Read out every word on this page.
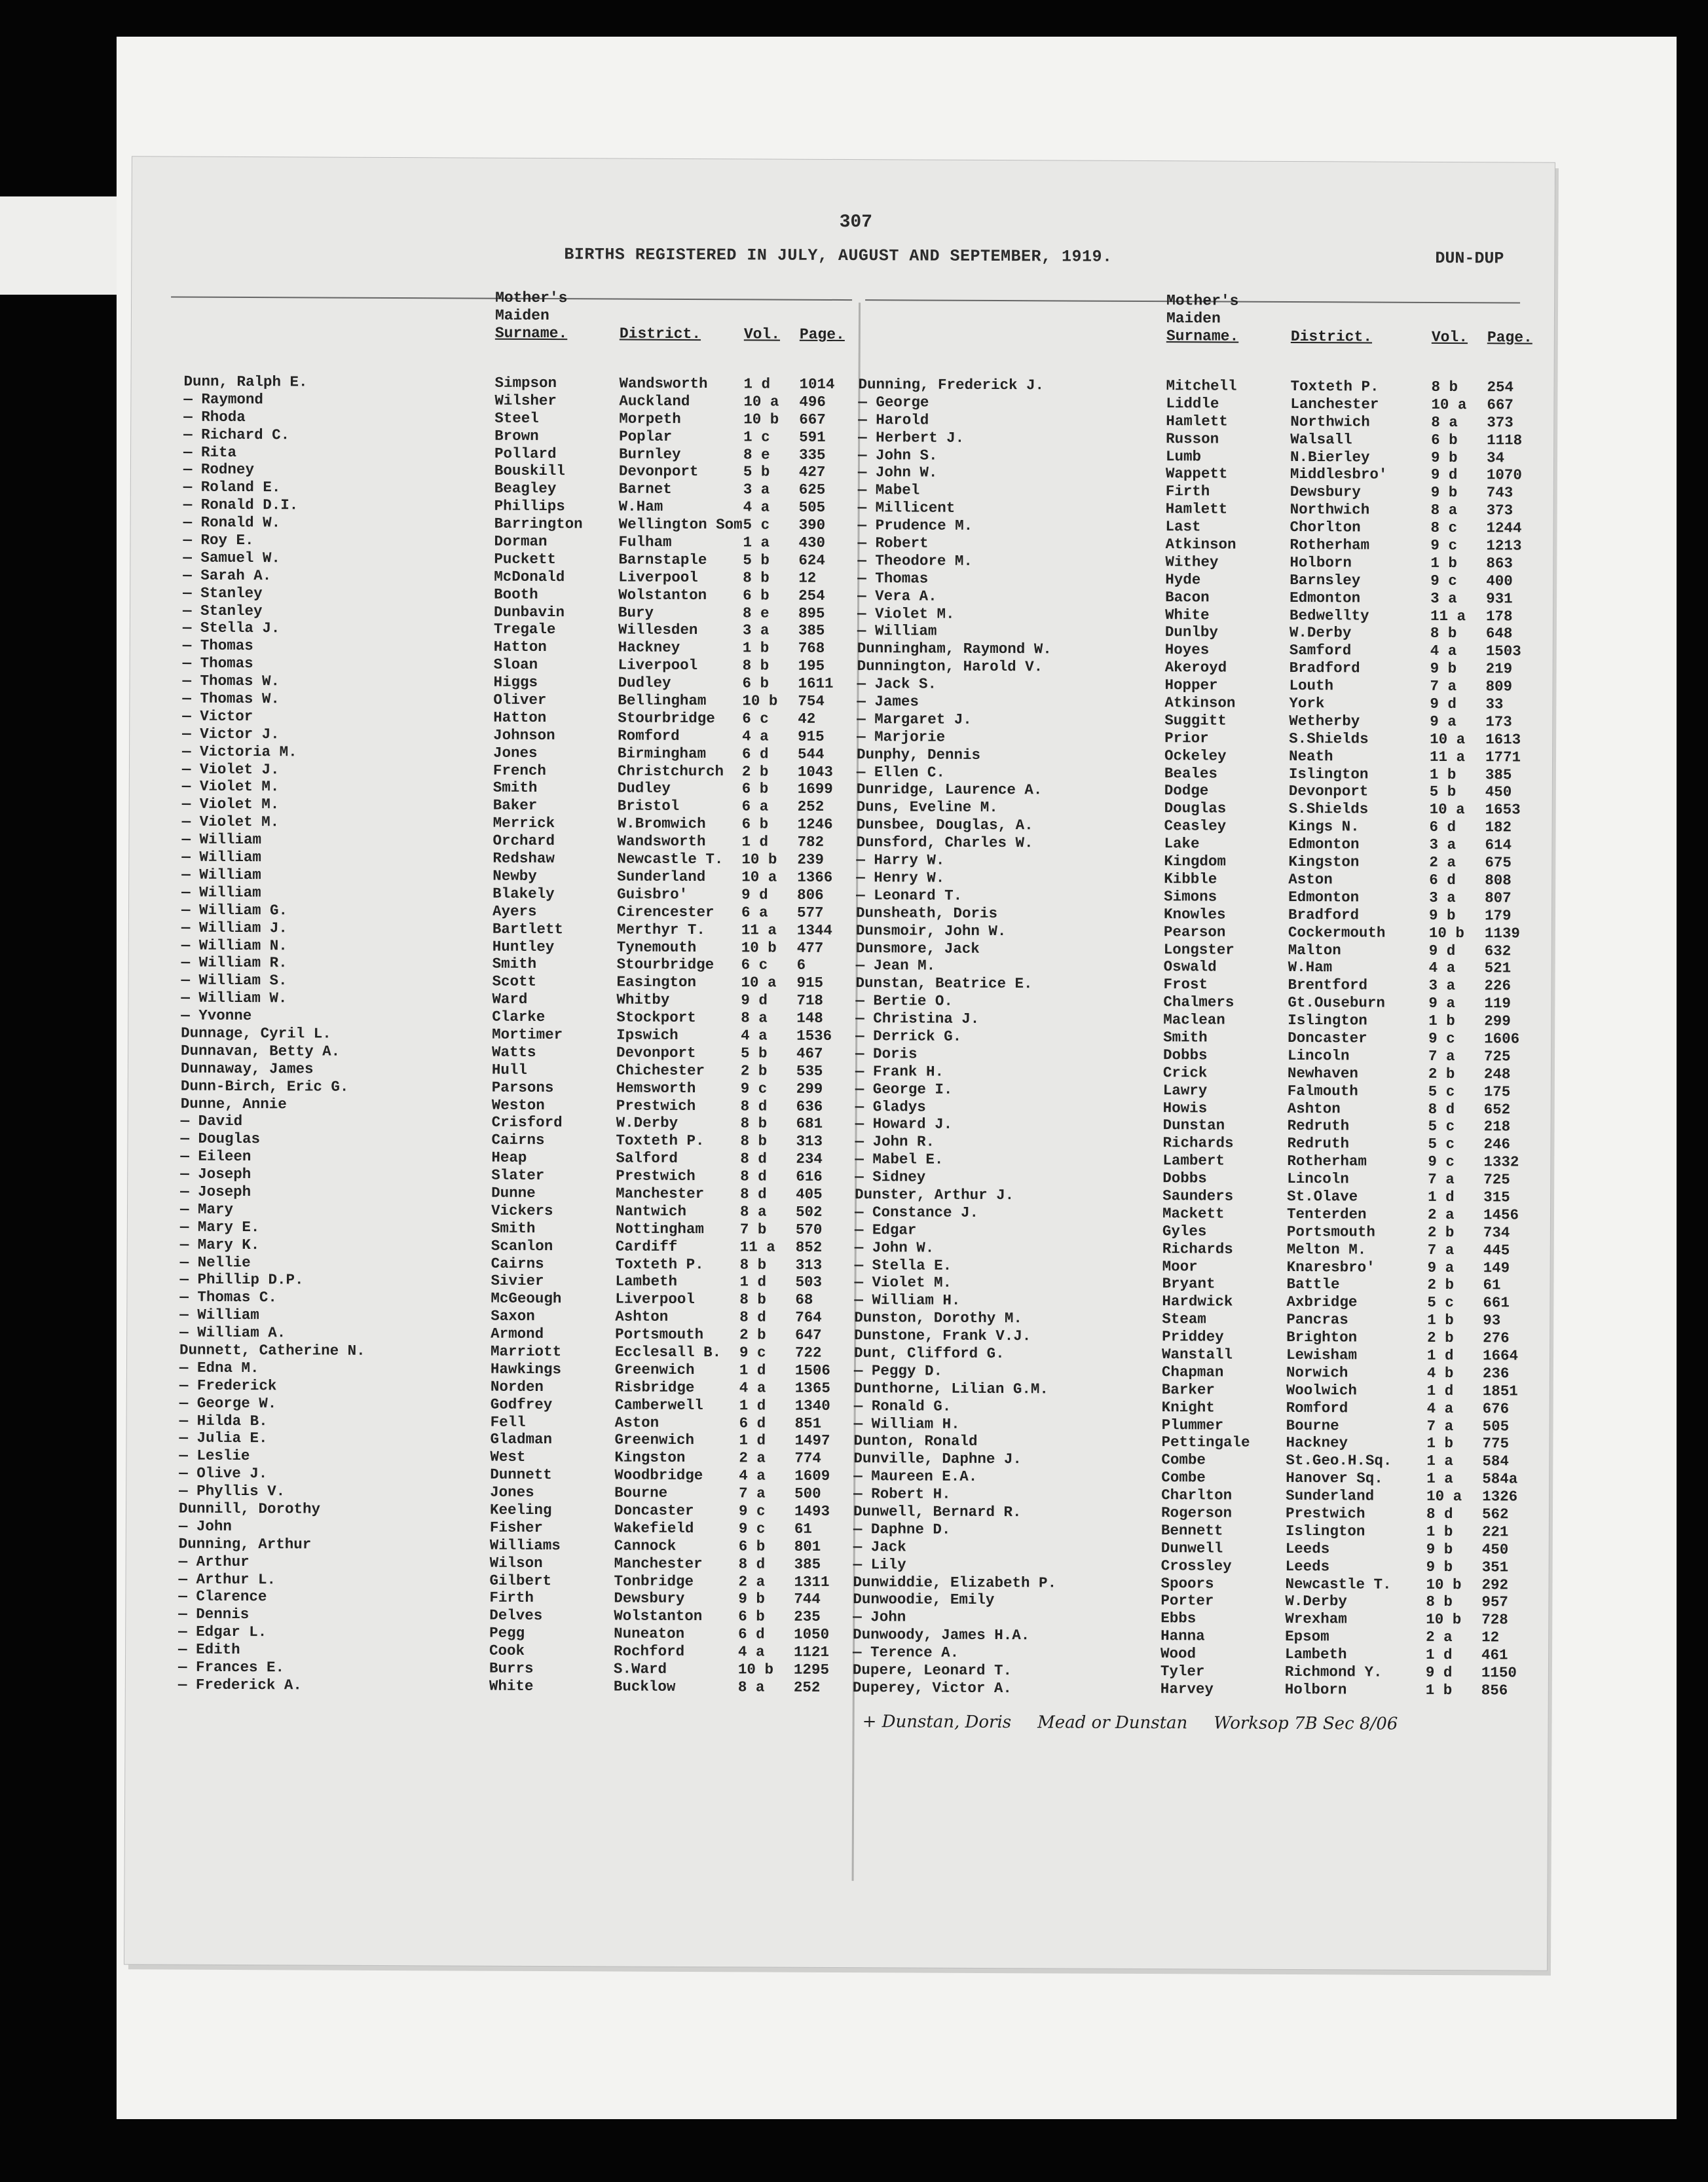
307
BIRTHS REGISTERED IN JULY, AUGUST AND SEPTEMBER, 1919.	DUN-DUP
Dunn, Ralph E.	Simpson	Wandsworth 1 d 1014
— Raymond	Wilsher	Auckland	10 a 496
— Rhoda	Steel	Morpeth	10 b 667
— Richard C.	Brown	Poplar	1 c 591
— Rita	Pollard	Burnley	8 e 335
— Rodney	Bouskill	Devonport	5 b 427
— Roland E.	Beagley	Barnet	3 a 625
— Ronald D.I.	Phillips	W.Ham	4 a 505
— Ronald W.	Barrington Wellington Som 5 c 390
— Roy E.	Dorman	Fulham	1 a 430
— Samuel W.	Puckett	Barnstaple 5 b 624
— Sarah A.	McDonald	Liverpool	8 b 12
— Stanley	Booth	Wolstanton 6 b 254
— Stanley	Dunbavin	Bury	8 e 895
— Stella J.	Tregale	Willesden	3 a 385
— Thomas	Hatton	Hackney	1 b 768
— Thomas	Sloan	Liverpool	8 b 195
— Thomas W.	Higgs	Dudley	6 b 1611
— Thomas W.	Oliver	Bellingham 10 b 754
— Victor	Hatton	Stourbridge 6 c 42
— Victor J.	Johnson	Romford	4 a 915
— Victoria M.	Jones	Birmingham 6 d 544
— Violet J.	French	Christchurch 2 b 1043
— Violet M.	Smith	Dudley	6 b 1699
— Violet M.	Baker	Bristol	6 a 252
— Violet M.	Merrick	W.Bromwich 6 b 1246
— William	Orchard	Wandsworth 1 d 782
— William	Redshaw	Newcastle T. 10 b 239
— William	Newby	Sunderland 10 a 1366
— William	Blakely	Guisbro'	9 d 806
— William G.	Ayers	Cirencester 6 a 577
— William J.	Bartlett	Merthyr T. 11 a 1344
— William N.	Huntley	Tynemouth	10 b 477
— William R.	Smith	Stourbridge 6 c 6
— William S.	Scott	Easington	10 a 915
— William W.	Ward	Whitby	9 d 718
— Yvonne	Clarke	Stockport	8 a 148
Dunnage, Cyril L.	Mortimer	Ipswich	4 a 1536
Dunnavan, Betty A.	Watts	Devonport	5 b 467
Dunnaway, James	Hull	Chichester 2 b 535
Dunn-Birch, Eric G.	Parsons	Hemsworth	9 c 299
Dunne, Annie	Weston	Prestwich	8 d 636
— David	Crisford	W.Derby	8 b 681
— Douglas	Cairns	Toxteth P. 8 b 313
— Eileen	Heap	Salford	8 d 234
— Joseph	Slater	Prestwich	8 d 616
— Joseph	Dunne	Manchester 8 d 405
— Mary	Vickers	Nantwich	8 a 502
— Mary E.	Smith	Nottingham 7 b 570
— Mary K.	Scanlon	Cardiff	11 a 852
— Nellie	Cairns	Toxteth P. 8 b 313
— Phillip D.P.	Sivier	Lambeth	1 d 503
— Thomas C.	McGeough	Liverpool	8 b 68
— William	Saxon	Ashton	8 d 764
— William A.	Armond	Portsmouth 2 b 647
Dunnett, Catherine N.	Marriott	Ecclesall B. 9 c 722
— Edna M.	Hawkings	Greenwich	1 d 1506
— Frederick	Norden	Risbridge	4 a 1365
— George W.	Godfrey	Camberwell 1 d 1340
— Hilda B.	Fell	Aston	6 d 851
— Julia E.	Gladman	Greenwich	1 d 1497
— Leslie	West	Kingston	2 a 774
— Olive J.	Dunnett	Woodbridge 4 a 1609
— Phyllis V.	Jones	Bourne	7 a 500
Dunnill, Dorothy	Keeling	Doncaster	9 c 1493
— John	Fisher	Wakefield	9 c 61
Dunning, Arthur	Williams	Cannock	6 b 801
— Arthur	Wilson	Manchester 8 d 385
— Arthur L.	Gilbert	Tonbridge	2 a 1311
— Clarence	Firth	Dewsbury	9 b 744
— Dennis	Delves	Wolstanton 6 b 235
— Edgar L.	Pegg	Nuneaton	6 d 1050
— Edith	Cook	Rochford	4 a 1121
— Frances E.	Burrs	S.Ward	10 b 1295
— Frederick A.	White	Bucklow	8 a 252
Dunning, Frederick J.	Mitchell	Toxteth P.	8 b 254
— George	Liddle	Lanchester	10 a 667
— Harold	Hamlett	Northwich	8 a 373
— Herbert J.	Russon	Walsall	6 b 1118
— John S.	Lumb	N.Bierley	9 b 34
— John W.	Wappett	Middlesbro'	9 d 1070
— Mabel	Firth	Dewsbury	9 b 743
— Millicent	Hamlett	Northwich	8 a 373
— Prudence M.	Last	Chorlton	8 c 1244
— Robert	Atkinson	Rotherham	9 c 1213
— Theodore M.	Withey	Holborn	1 b 863
— Thomas	Hyde	Barnsley	9 c 400
— Vera A.	Bacon	Edmonton	3 a 931
— Violet M.	White	Bedwellty	11 a 178
— William	Dunlby	W.Derby	8 b 648
Dunningham, Raymond W.	Hoyes	Samford	4 a 1503
Dunnington, Harold V.	Akeroyd	Bradford	9 b 219
— Jack S.	Hopper	Louth	7 a 809
— James	Atkinson	York	9 d 33
— Margaret J.	Suggitt	Wetherby	9 a 173
— Marjorie	Prior	S.Shields	10 a 1613
Dunphy, Dennis	Ockeley	Neath	11 a 1771
— Ellen C.	Beales	Islington	1 b 385
Dunridge, Laurence A.	Dodge	Devonport	5 b 450
Duns, Eveline M.	Douglas	S.Shields	10 a 1653
Dunsbee, Douglas, A.	Ceasley	Kings N.	6 d 182
Dunsford, Charles W.	Lake	Edmonton	3 a 614
— Harry W.	Kingdom	Kingston	2 a 675
— Henry W.	Kibble	Aston	6 d 808
— Leonard T.	Simons	Edmonton	3 a 807
Dunsheath, Doris	Knowles	Bradford	9 b 179
Dunsmoir, John W.	Pearson	Cockermouth	10 b 1139
Dunsmore, Jack	Longster	Malton	9 d 632
— Jean M.	Oswald	W.Ham	4 a 521
Dunstan, Beatrice E.	Frost	Brentford	3 a 226
— Bertie O.	Chalmers	Gt.Ouseburn	9 a 119
— Christina J.	Maclean	Islington	1 b 299
— Derrick G.	Smith	Doncaster	9 c 1606
— Doris	Dobbs	Lincoln	7 a 725
— Frank H.	Crick	Newhaven	2 b 248
— George I.	Lawry	Falmouth	5 c 175
— Gladys	Howis	Ashton	8 d 652
— Howard J.	Dunstan	Redruth	5 c 218
— John R.	Richards	Redruth	5 c 246
— Mabel E.	Lambert	Rotherham	9 c 1332
— Sidney	Dobbs	Lincoln	7 a 725
Dunster, Arthur J.	Saunders	St.Olave	1 d 315
— Constance J.	Mackett	Tenterden	2 a 1456
— Edgar	Gyles	Portsmouth	2 b 734
— John W.	Richards	Melton M.	7 a 445
— Stella E.	Moor	Knaresbro'	9 a 149
— Violet M.	Bryant	Battle	2 b 61
— William H.	Hardwick	Axbridge	5 c 661
Dunston, Dorothy M.	Steam	Pancras	1 b 93
Dunstone, Frank V.J.	Priddey	Brighton	2 b 276
Dunt, Clifford G.	Wanstall	Lewisham	1 d 1664
— Peggy D.	Chapman	Norwich	4 b 236
Dunthorne, Lilian G.M.	Barker	Woolwich	1 d 1851
— Ronald G.	Knight	Romford	4 a 676
— William H.	Plummer	Bourne	7 a 505
Dunton, Ronald	Pettingale Hackney	1 b 775
Dunville, Daphne J.	Combe	St.Geo.H.Sq. 1 a 584
— Maureen E.A.	Combe	Hanover Sq.	1 a 584a
— Robert H.	Charlton	Sunderland	10 a 1326
Dunwell, Bernard R.	Rogerson	Prestwich	8 d 562
— Daphne D.	Bennett	Islington	1 b 221
— Jack	Dunwell	Leeds	9 b 450
— Lily	Crossley	Leeds	9 b 351
Dunwiddie, Elizabeth P.	Spoors	Newcastle T. 10 b 292
Dunwoodie, Emily	Porter	W.Derby	8 b 957
— John	Ebbs	Wrexham	10 b 728
Dunwoody, James H.A.	Hanna	Epsom	2 a 12
— Terence A.	Wood	Lambeth	1 d 461
Dupere, Leonard T.	Tyler	Richmond Y.	9 d 1150
Duperey, Victor A.	Harvey	Holborn	1 b 856
+ Dunstan, Doris Mead or Dunstan Worksop 7B Sec 8/06
Mother's
Maiden
Surname.	District.	Vol. Page.
Mother's
Maiden
Surname.	District.	Vol. Page.
